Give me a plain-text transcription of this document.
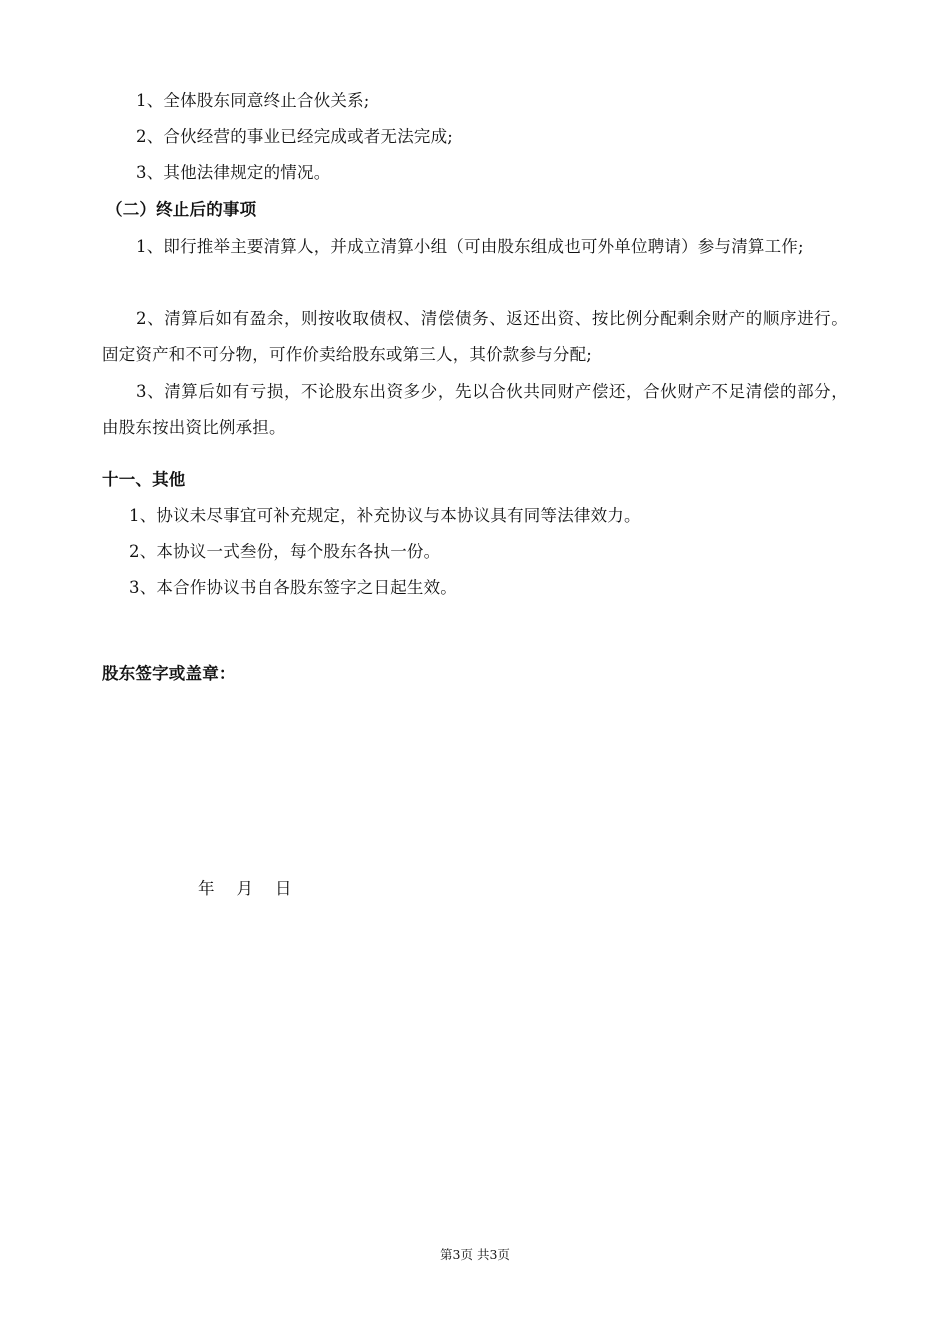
1、全体股东同意终止合伙关系;
2、合伙经营的事业已经完成或者无法完成;
3、其他法律规定的情况。
（二）终止后的事项
1、即行推举主要清算人，并成立清算小组（可由股东组成也可外单位聘请）参与清算工作;
2、清算后如有盈余，则按收取债权、清偿债务、返还出资、按比例分配剩余财产的顺序进行。固定资产和不可分物，可作价卖给股东或第三人，其价款参与分配;
3、清算后如有亏损，不论股东出资多少，先以合伙共同财产偿还，合伙财产不足清偿的部分，由股东按出资比例承担。
十一、其他
1、协议未尽事宜可补充规定，补充协议与本协议具有同等法律效力。
2、本协议一式叁份，每个股东各执一份。
3、本合作协议书自各股东签字之日起生效。
股东签字或盖章：
年    月    日
第3页 共3页
